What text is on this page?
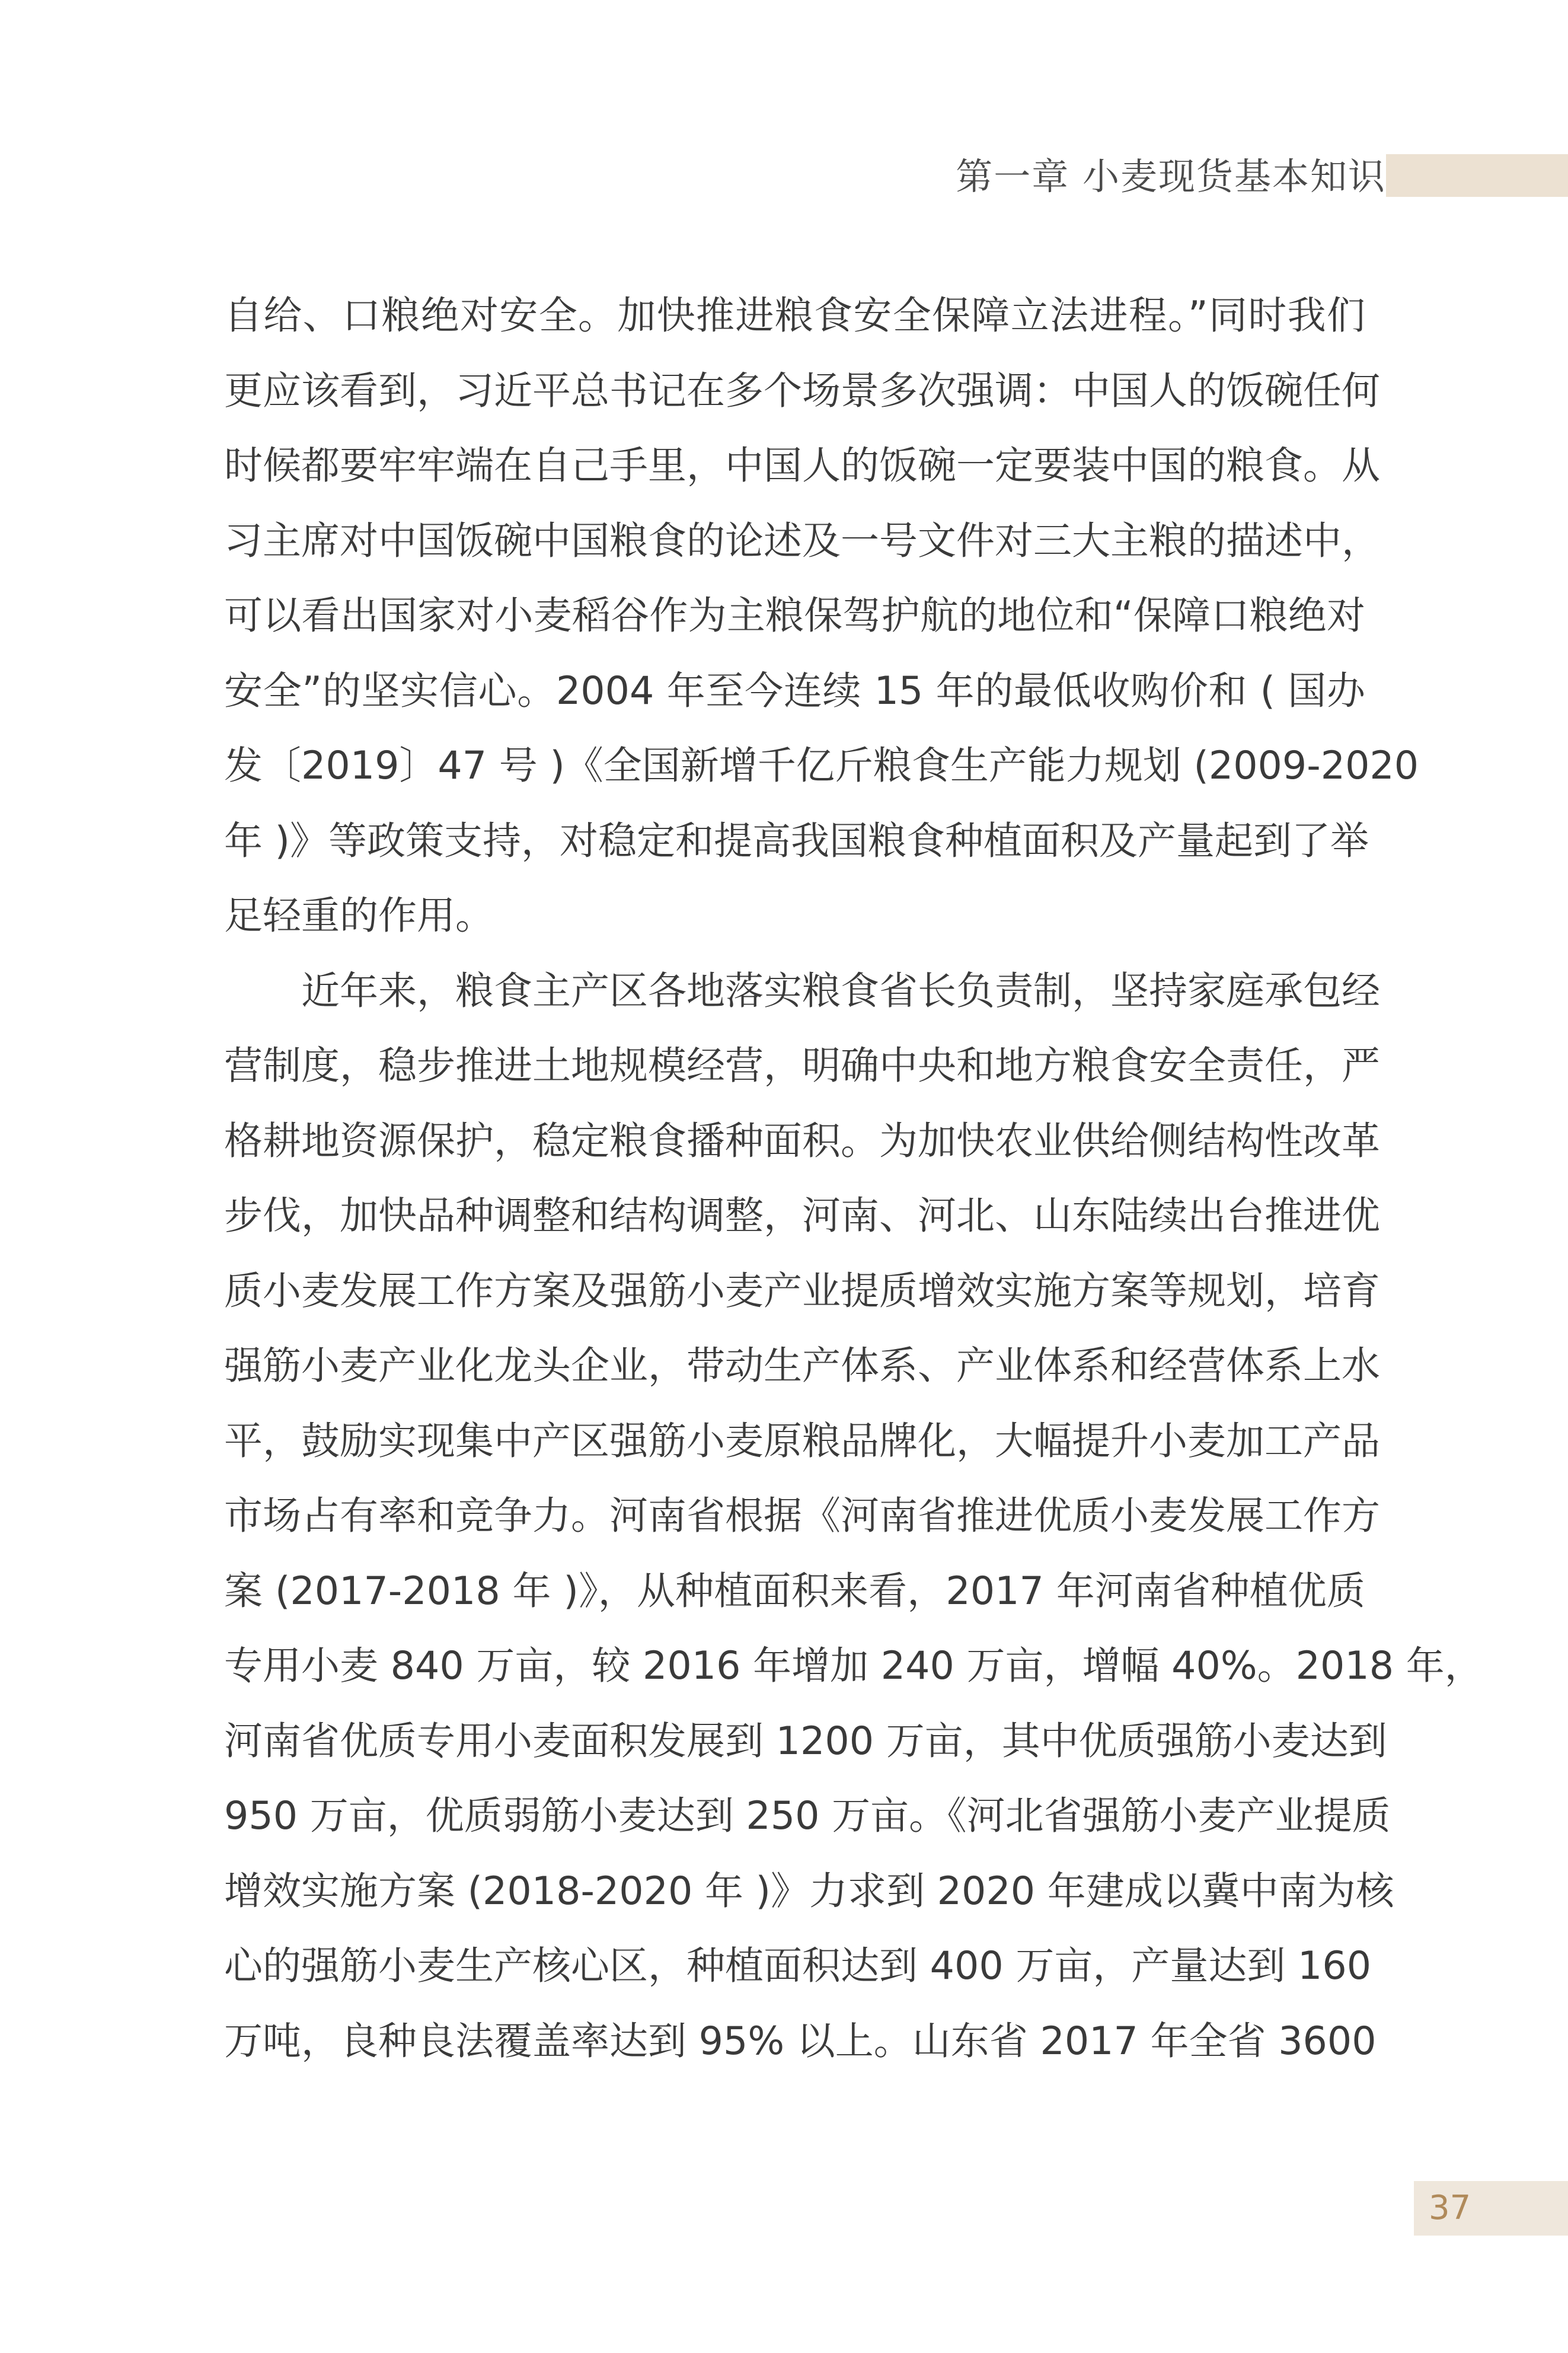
第一章 小麦现货基本知识

自给、口粮绝对安全。加快推进粮食安全保障立法进程。”同时我们
更应该看到，习近平总书记在多个场景多次强调：中国人的饭碗任何
时候都要牢牢端在自己手里，中国人的饭碗一定要装中国的粮食。从
习主席对中国饭碗中国粮食的论述及一号文件对三大主粮的描述中，
可以看出国家对小麦稻谷作为主粮保驾护航的地位和“保障口粮绝对
安全”的坚实信心。2004 年至今连续 15 年的最低收购价和 ( 国办
发〔2019〕47 号 )《全国新增千亿斤粮食生产能力规划 (2009-2020
年 )》等政策支持，对稳定和提高我国粮食种植面积及产量起到了举
足轻重的作用。

近年来，粮食主产区各地落实粮食省长负责制，坚持家庭承包经
营制度，稳步推进土地规模经营，明确中央和地方粮食安全责任，严
格耕地资源保护，稳定粮食播种面积。为加快农业供给侧结构性改革
步伐，加快品种调整和结构调整，河南、河北、山东陆续出台推进优
质小麦发展工作方案及强筋小麦产业提质增效实施方案等规划，培育
强筋小麦产业化龙头企业，带动生产体系、产业体系和经营体系上水
平，鼓励实现集中产区强筋小麦原粮品牌化，大幅提升小麦加工产品
市场占有率和竞争力。河南省根据《河南省推进优质小麦发展工作方
案 (2017-2018 年 )》，从种植面积来看，2017 年河南省种植优质
专用小麦 840 万亩，较 2016 年增加 240 万亩，增幅 40%。2018 年，
河南省优质专用小麦面积发展到 1200 万亩，其中优质强筋小麦达到
950 万亩，优质弱筋小麦达到 250 万亩。《河北省强筋小麦产业提质
增效实施方案 (2018-2020 年 )》力求到 2020 年建成以冀中南为核
心的强筋小麦生产核心区，种植面积达到 400 万亩，产量达到 160
万吨，良种良法覆盖率达到 95% 以上。山东省 2017 年全省 3600

37
